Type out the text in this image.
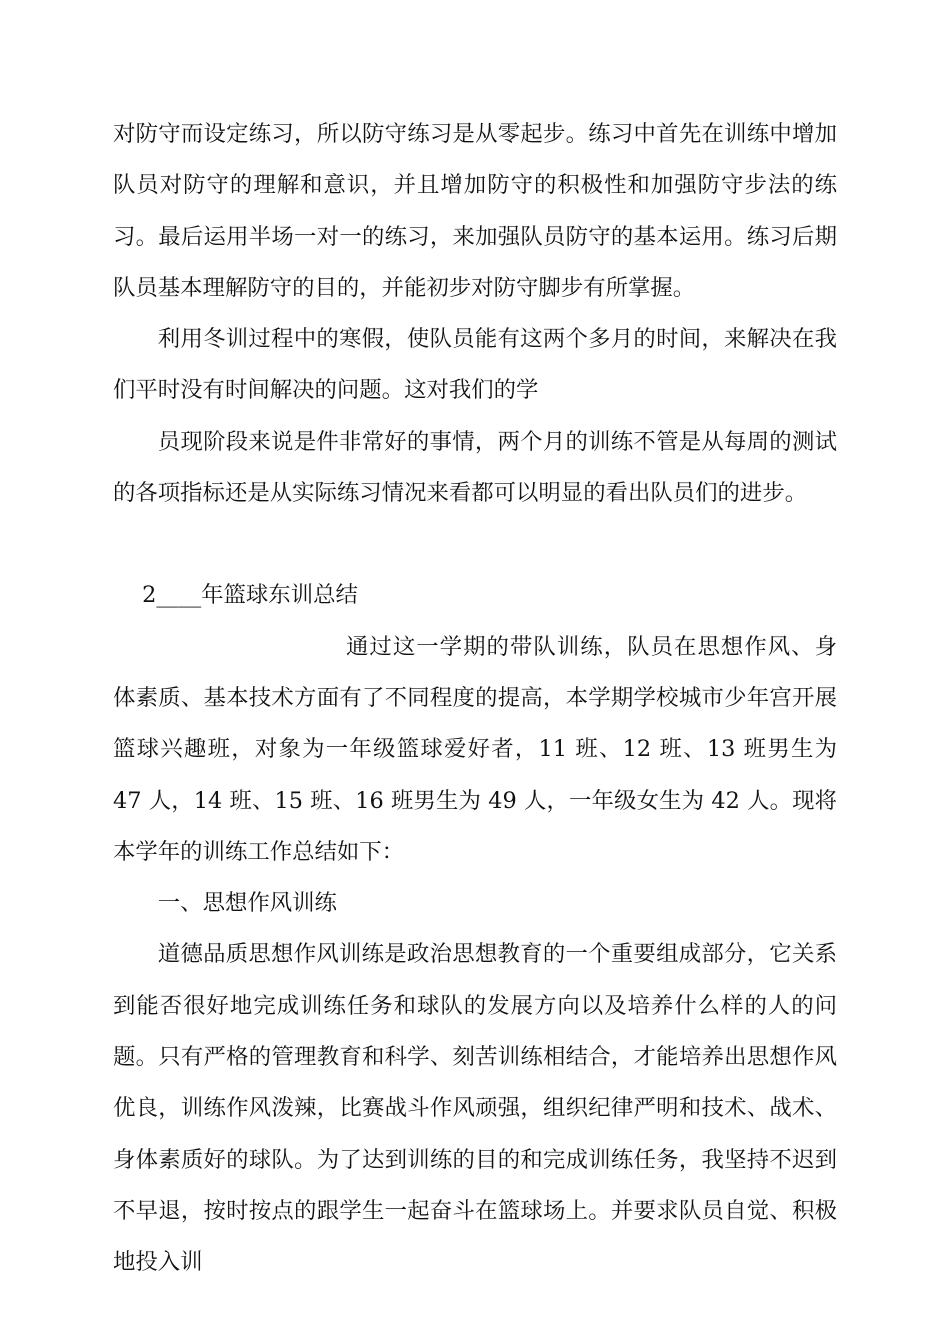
对防守而设定练习，所以防守练习是从零起步。练习中首先在训练中增加队员对防守的理解和意识，并且增加防守的积极性和加强防守步法的练习。最后运用半场一对一的练习，来加强队员防守的基本运用。练习后期队员基本理解防守的目的，并能初步对防守脚步有所掌握。

利用冬训过程中的寒假，使队员能有这两个多月的时间，来解决在我们平时没有时间解决的问题。这对我们的学

员现阶段来说是件非常好的事情，两个月的训练不管是从每周的测试的各项指标还是从实际练习情况来看都可以明显的看出队员们的进步。

2____年篮球东训总结

通过这一学期的带队训练，队员在思想作风、身体素质、基本技术方面有了不同程度的提高，本学期学校城市少年宫开展篮球兴趣班，对象为一年级篮球爱好者，11 班、12 班、13 班男生为 47 人，14 班、15 班、16 班男生为 49 人，一年级女生为 42 人。现将本学年的训练工作总结如下：

一、思想作风训练

道德品质思想作风训练是政治思想教育的一个重要组成部分，它关系到能否很好地完成训练任务和球队的发展方向以及培养什么样的人的问题。只有严格的管理教育和科学、刻苦训练相结合，才能培养出思想作风优良，训练作风泼辣，比赛战斗作风顽强，组织纪律严明和技术、战术、身体素质好的球队。为了达到训练的目的和完成训练任务，我坚持不迟到不早退，按时按点的跟学生一起奋斗在篮球场上。并要求队员自觉、积极地投入训
